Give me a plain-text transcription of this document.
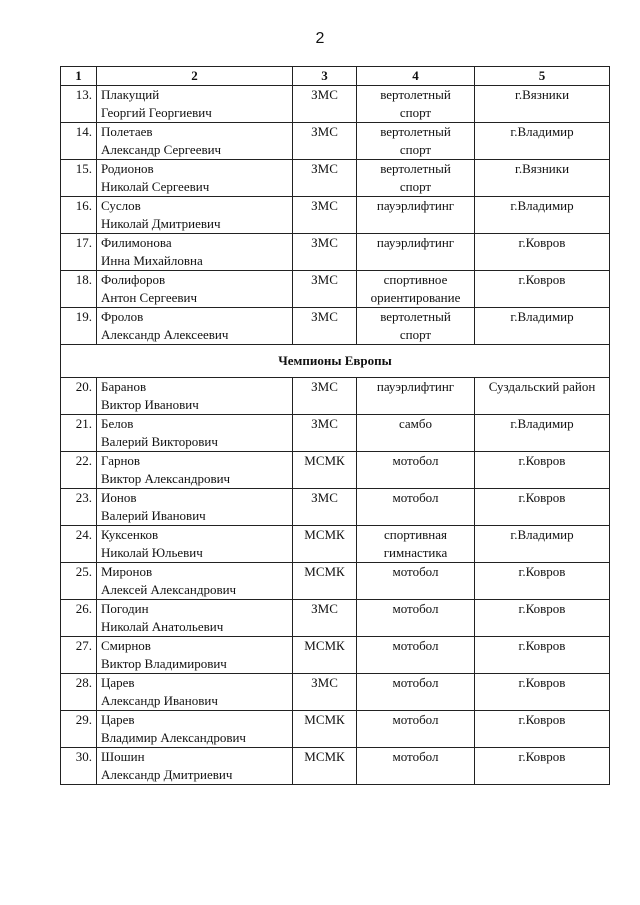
2
1	2	3	4	5
13.	Плакущий
Георгий Георгиевич	ЗМС	вертолетный
спорт	г.Вязники
14.	Полетаев
Александр Сергеевич	ЗМС	вертолетный
спорт	г.Владимир
15.	Родионов
Николай Сергеевич	ЗМС	вертолетный
спорт	г.Вязники
16.	Суслов
Николай Дмитриевич	ЗМС	пауэрлифтинг	г.Владимир
17.	Филимонова
Инна Михайловна	ЗМС	пауэрлифтинг	г.Ковров
18.	Фолифоров
Антон Сергеевич	ЗМС	спортивное
ориентирование	г.Ковров
19.	Фролов
Александр Алексеевич	ЗМС	вертолетный
спорт	г.Владимир
Чемпионы Европы				
20.	Баранов
Виктор Иванович	ЗМС	пауэрлифтинг	Суздальский район
21.	Белов
Валерий Викторович	ЗМС	самбо	г.Владимир
22.	Гарнов
Виктор Александрович	МСМК	мотобол	г.Ковров
23.	Ионов
Валерий Иванович	ЗМС	мотобол	г.Ковров
24.	Куксенков
Николай Юльевич	МСМК	спортивная
гимнастика	г.Владимир
25.	Миронов
Алексей Александрович	МСМК	мотобол	г.Ковров
26.	Погодин
Николай Анатольевич	ЗМС	мотобол	г.Ковров
27.	Смирнов
Виктор Владимирович	МСМК	мотобол	г.Ковров
28.	Царев
Александр Иванович	ЗМС	мотобол	г.Ковров
29.	Царев
Владимир Александрович	МСМК	мотобол	г.Ковров
30.	Шошин
Александр Дмитриевич	МСМК	мотобол	г.Ковров
